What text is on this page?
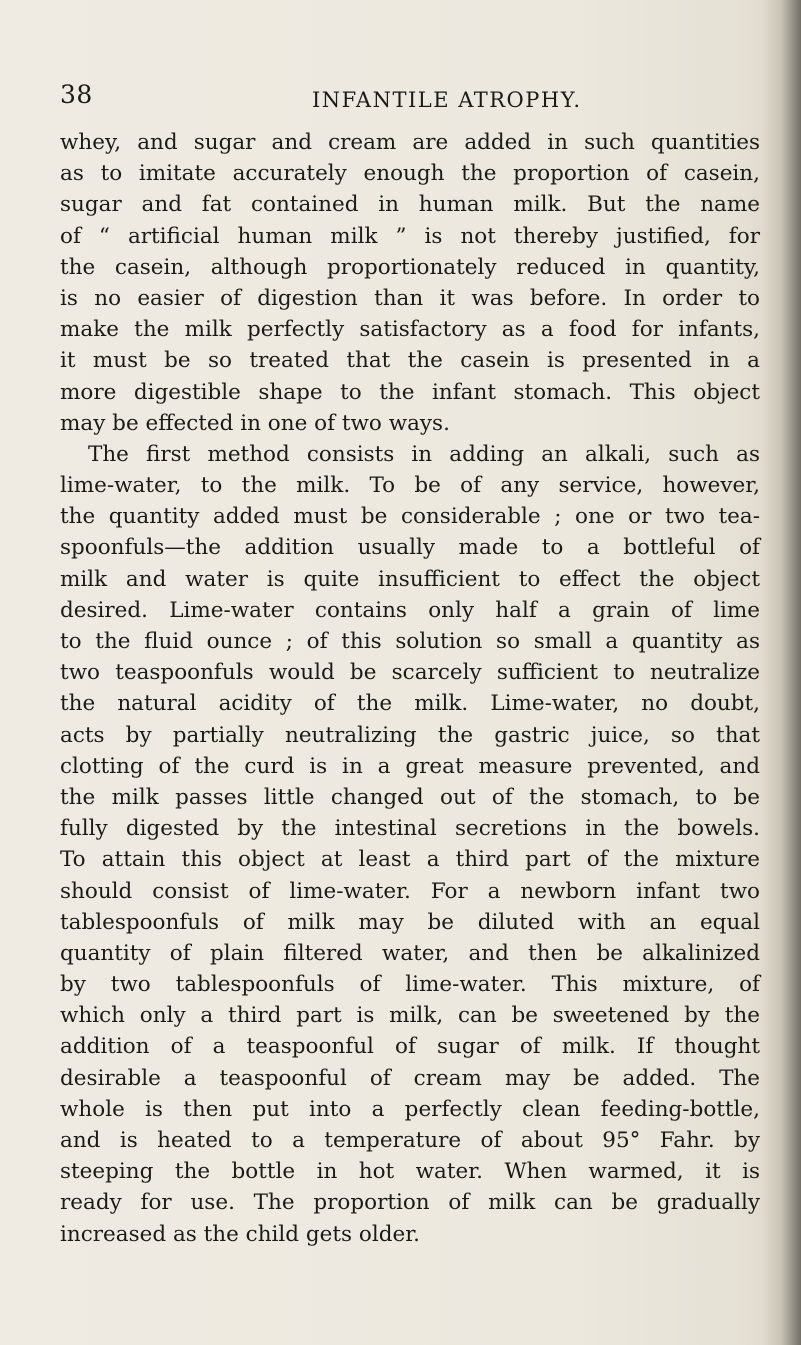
38	INFANTILE ATROPHY.

whey, and sugar and cream are added in such quantities
as to imitate accurately enough the proportion of casein,
sugar and fat contained in human milk. But the name
of “ artificial human milk ” is not thereby justified, for
the casein, although proportionately reduced in quantity,
is no easier of digestion than it was before. In order to
make the milk perfectly satisfactory as a food for infants,
it must be so treated that the casein is presented in a
more digestible shape to the infant stomach. This object
may be effected in one of two ways.
The first method consists in adding an alkali, such as
lime-water, to the milk. To be of any service, however,
the quantity added must be considerable ; one or two tea-
spoonfuls—the addition usually made to a bottleful of
milk and water is quite insufficient to effect the object
desired. Lime-water contains only half a grain of lime
to the fluid ounce ; of this solution so small a quantity as
two teaspoonfuls would be scarcely sufficient to neutralize
the natural acidity of the milk. Lime-water, no doubt,
acts by partially neutralizing the gastric juice, so that
clotting of the curd is in a great measure prevented, and
the milk passes little changed out of the stomach, to be
fully digested by the intestinal secretions in the bowels.
To attain this object at least a third part of the mixture
should consist of lime-water. For a newborn infant two
tablespoonfuls of milk may be diluted with an equal
quantity of plain filtered water, and then be alkalinized
by two tablespoonfuls of lime-water. This mixture, of
which only a third part is milk, can be sweetened by the
addition of a teaspoonful of sugar of milk. If thought
desirable a teaspoonful of cream may be added. The
whole is then put into a perfectly clean feeding-bottle,
and is heated to a temperature of about 95° Fahr. by
steeping the bottle in hot water. When warmed, it is
ready for use. The proportion of milk can be gradually
increased as the child gets older.
